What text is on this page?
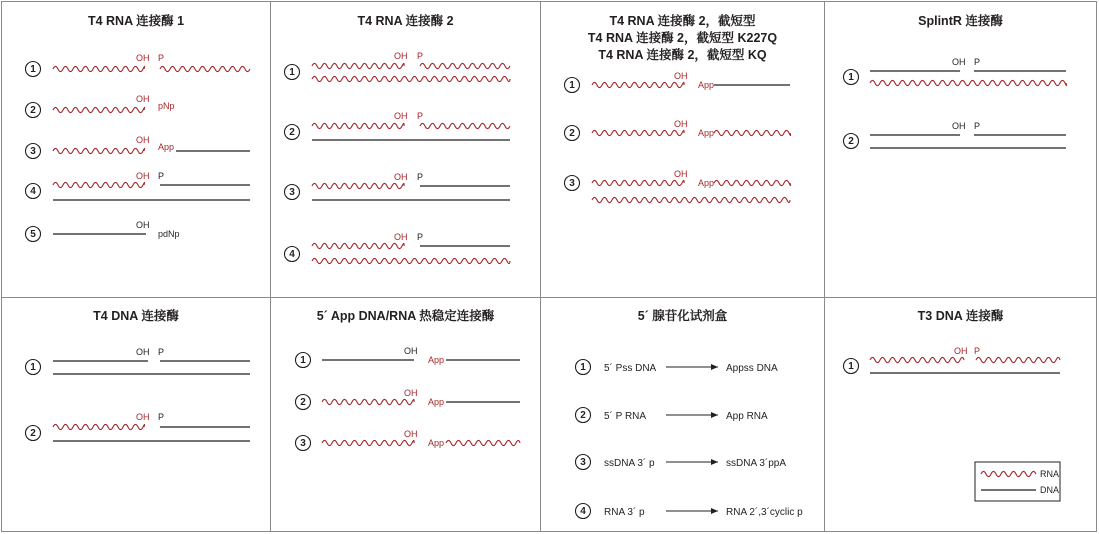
T4 RNA 连接酶 1	T4 RNA 连接酶 2	T4 RNA 连接酶 2，截短型
T4 RNA 连接酶 2，截短型 K227Q
T4 RNA 连接酶 2，截短型 KQ
SplintR 连接酶
T4 DNA 连接酶	5´ App DNA/RNA 热稳定连接酶	5´ 腺苷化试剂盒	T3 DNA 连接酶
1
OH P
2
OH
pNp
3
OH
App
4
OH P
5
OH
pdNp
1
OH P
2
OH P
3
OH P
4
OH P
1
OH
App
2
OH
App
3
OH
App
1
OH P
2
OH P
1
OH P
2
OH P
1
OH
App
2
OH
App
3
OH
App
1 5´ Pss DNA	Appss DNA
2 5´ P RNA	App RNA
3 ssDNA 3´ p	ssDNA 3´ppA
4 RNA 3´ p	RNA 2´,3´cyclic p
1
OH P
RNA
DNA
